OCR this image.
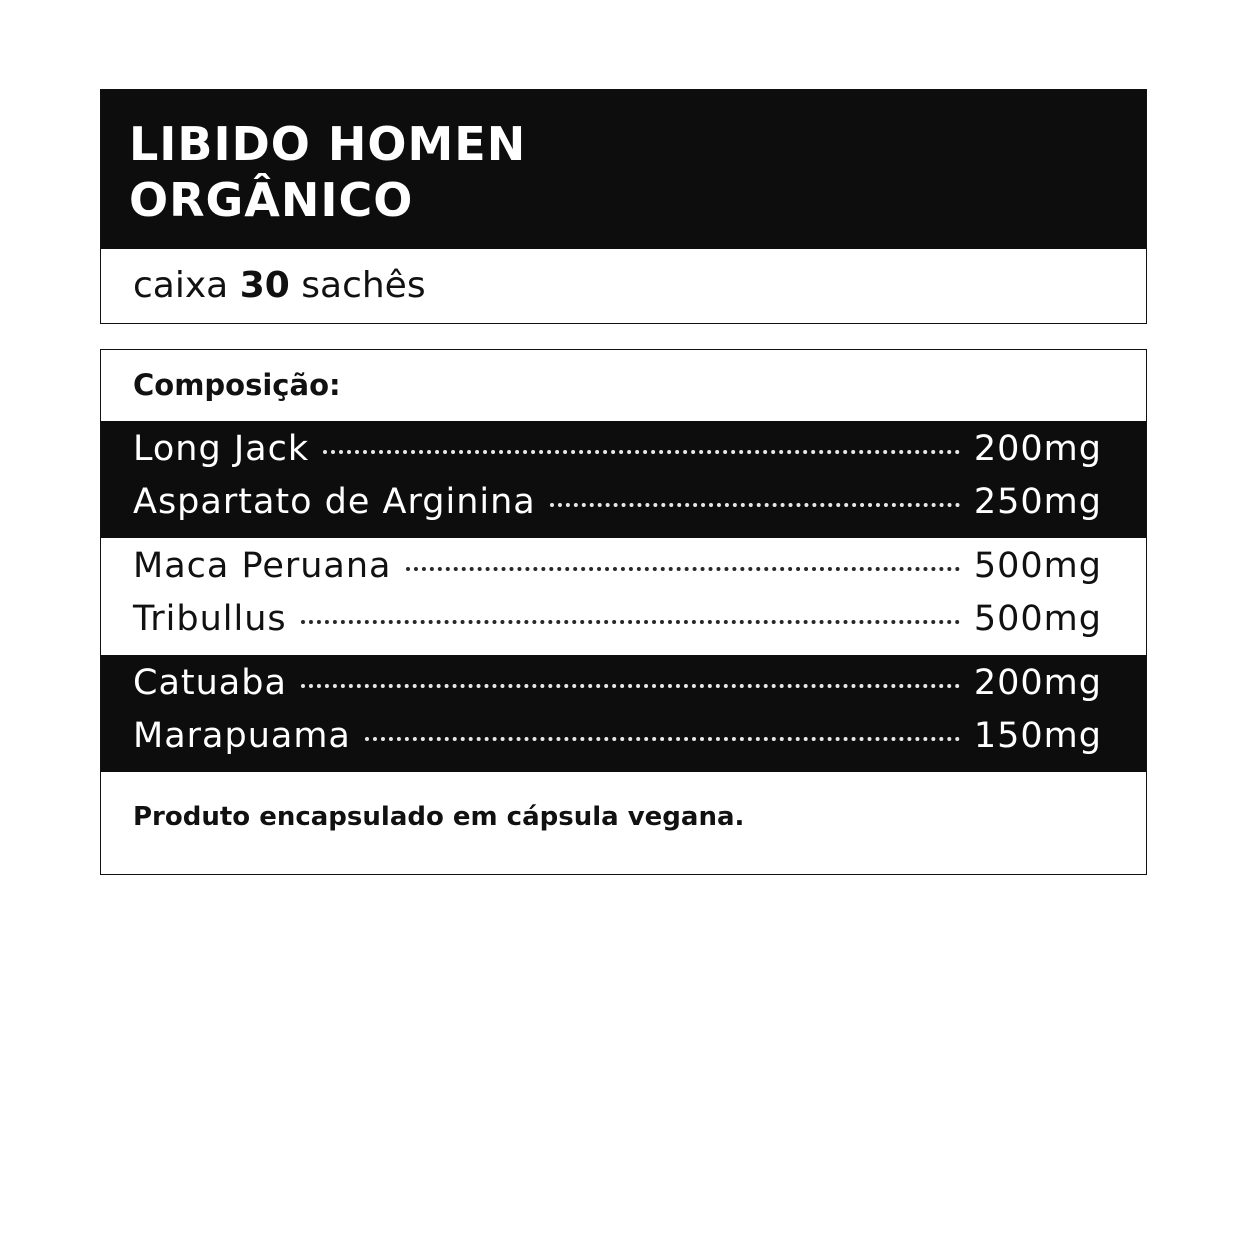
LIBIDO HOMEN
ORGÂNICO
caixa 30 sachês
Composição:
Long Jack	200mg
Aspartato de Arginina	250mg
Maca Peruana	500mg
Tribullus	500mg
Catuaba	200mg
Marapuama	150mg
Produto encapsulado em cápsula vegana.
